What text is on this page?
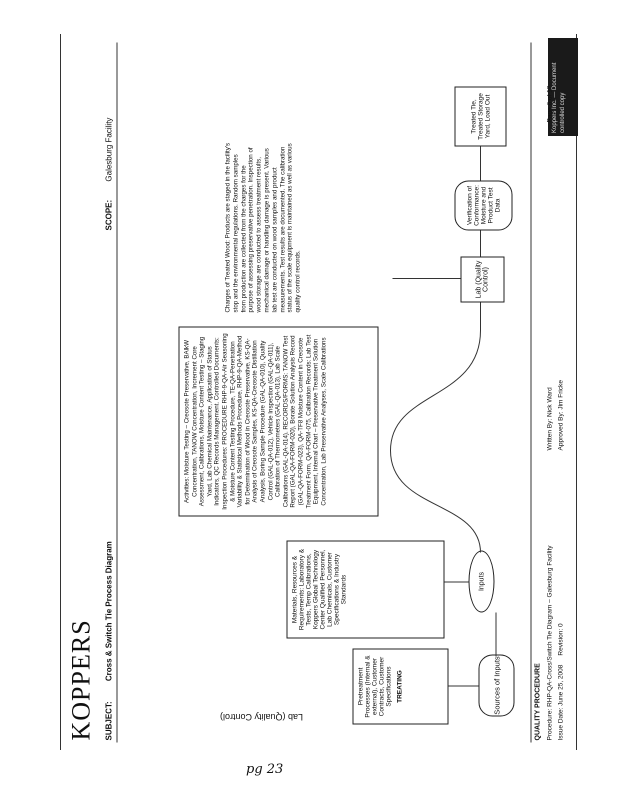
Koppers Inc. — Document controlled copy
pg 23
Lab (Quality Control)
KOPPERS SUBJECT: Cross & Switch Tie Process Diagram
SCOPE: Galesburg Facility
Sources of Inputs
Pretreatment Processes (Internal & external), Customer Contracts, Customer Specifications TREATING
Materials, Resources & Requirements: Laboratory & Tests, Temp Calibrations, Koppers Global Technology Center Qualified Personnel, Lab Chemicals, Customer Specifications & Industry Standards	Inputs
Activities: Moisture Testing – Creosote Preservative, BAlkW Concentration, TANOW Concentration, Increment Core Assessment, Calibrations, Moisture Content Testing – Staging Yard, Lab Chemical Maintenance, Application of Status Indicators, QC Records Management. Controlled Documents: Inspection Procedures: PROCEDURE RHP-9-QA-Air Seasoning & Moisture Content Testing Procedure, TE-QA-Penetration Variability & Statistical Methods Procedure, RHP-9-QA-Method for Determination of Wood in Creosote Preservative, KS-QA-Analysis of Creosote Samples, KS-QA-Creosote Distillation Analysis, Boring Sample Procedure (GAL-QA-010), Quality Control (GAL-QA-012), Vehicle Inspection (GAL-QA-011), Calibration of Thermometers (GAL-QA-013), Lab Scale Calibrations (GAL-QA-014). RECORDS/FORMS: TANOW Test Report (GAL-QA-FORM-020), Borate Solution Analysis Record (GAL-QA-FORM-023), QA-TF8 Moisture Content in Creosote Treatment Form, QA-FORM-075, Calibration Records: Lab Test Equipment, Internal Chart – Preservative Treatment Solution Concentration, Lab Preservative Analyses, Scale Calibrations
Lab (Quality Control)
Charges of Treated Wood: Products are staged in the facility's stop and the environmental regulations. Random samples from production are collected from the charges for the purpose of assessing preservative penetration. Inspection of wood storage are conducted to assess treatment results, mechanical damage or handling damage is present. Various lab test are conducted on wood samples and product measurements. Test results are documented. The calibration status of the scale equipment is maintained as well as various quality control records.
Verification of Conformance: Moisture and Product Test Data
Treated Tie, Treated Storage Yard, Load Out
QUALITY PROCEDURE Procedure: RHP-QA-Cross/Switch Tie Diagram – Galesburg Facility Issue Date: June 25, 2008     Revision: 0
Written By: Nick Ward Approved By: Jim Fricke
Page 6 of 12
